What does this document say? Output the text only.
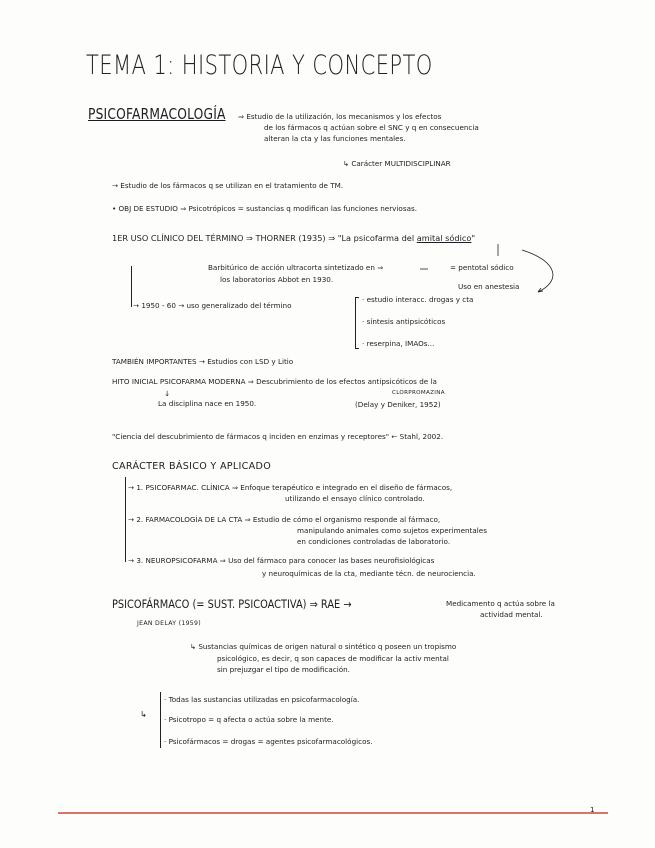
TEMA 1: HISTORIA Y CONCEPTO
PSICOFARMACOLOGÍA ⇒ Estudio de la utilización, los mecanismos y los efectos
de los fármacos q actúan sobre el SNC y q en consecuencia
alteran la cta y las funciones mentales.
↳ Carácter MULTIDISCIPLINAR
→ Estudio de los fármacos q se utilizan en el tratamiento de TM.
• OBJ DE ESTUDIO ⇒ Psicotrópicos = sustancias q modifican las funciones nerviosas.
1ER USO CLÍNICO DEL TÉRMINO ⇒ THORNER (1935) ⇒ "La psicofarma del amital sódico"
Barbitúrico de acción ultracorta sintetizado en ⇒
los laboratorios Abbot en 1930.
= pentotal sódico
Uso en anestesia
→ 1950 - 60 → uso generalizado del término
· estudio interacc. drogas y cta
· síntesis antipsicóticos
· reserpina, IMAOs...
TAMBIÉN IMPORTANTES → Estudios con LSD y Litio
HITO INICIAL PSICOFARMA MODERNA ⇒ Descubrimiento de los efectos antipsicóticos de la
CLORPROMAZINA
↓
La disciplina nace en 1950.	(Delay y Deniker, 1952)
"Ciencia del descubrimiento de fármacos q inciden en enzimas y receptores" ← Stahl, 2002.
CARÁCTER BÁSICO Y APLICADO
→ 1. PSICOFARMAC. CLÍNICA ⇒ Enfoque terapéutico e integrado en el diseño de fármacos,
utilizando el ensayo clínico controlado.
→ 2. FARMACOLOGÍA DE LA CTA ⇒ Estudio de cómo el organismo responde al fármaco,
manipulando animales como sujetos experimentales
en condiciones controladas de laboratorio.
→ 3. NEUROPSICOFARMA ⇒ Uso del fármaco para conocer las bases neurofisiológicas
y neuroquímicas de la cta, mediante técn. de neurociencia.
PSICOFÁRMACO (= SUST. PSICOACTIVA) ⇒ RAE →	Medicamento q actúa sobre la
actividad mental.
JEAN DELAY (1959)
↳ Sustancias químicas de origen natural o sintético q poseen un tropismo
psicológico, es decir, q son capaces de modificar la activ mental
sin prejuzgar el tipo de modificación.
↳
· Todas las sustancias utilizadas en psicofarmacología.
· Psicotropo = q afecta o actúa sobre la mente.
· Psicofármacos = drogas = agentes psicofarmacológicos.
1
